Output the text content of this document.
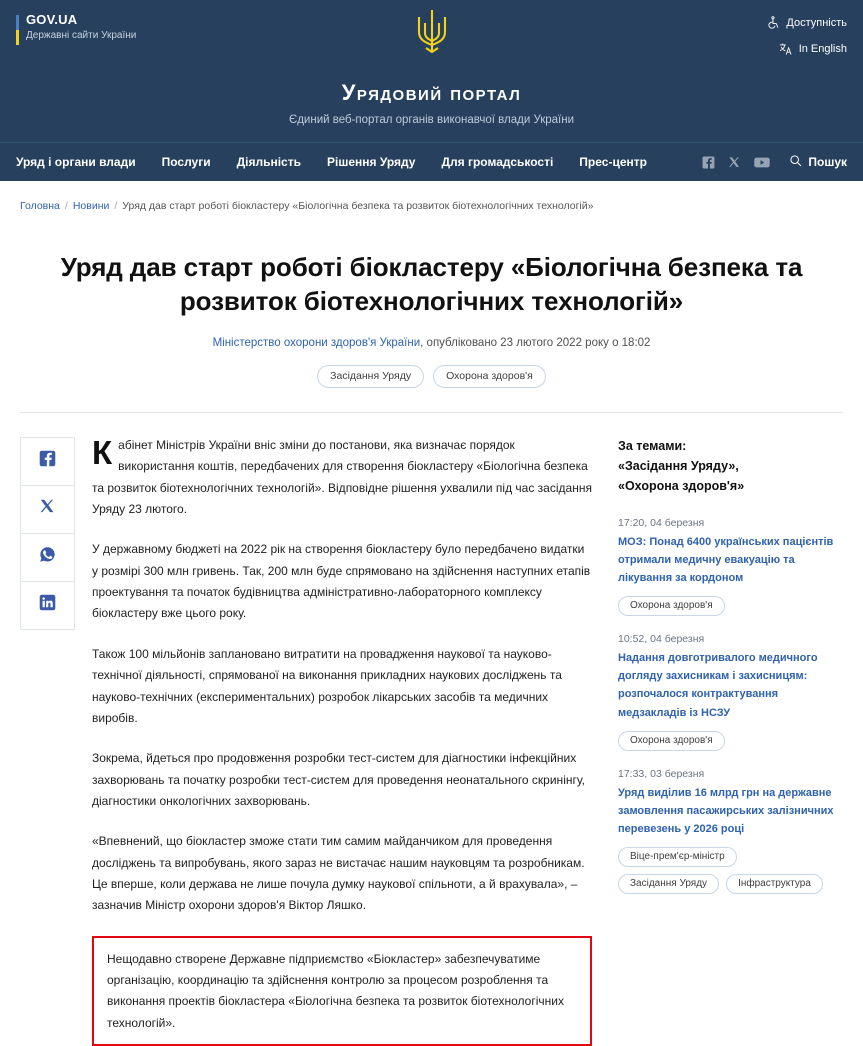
GOV.UA
Державні сайти України
Доступність
In English
Урядовий портал
Єдиний веб-портал органів виконавчої влади України
Уряд і органи влади Послуги Діяльність Рішення Уряду Для громадськості Прес-центр	Пошук
Головна / Новини / Уряд дав старт роботі біокластеру «Біологічна безпека та розвиток біотехнологічних технологій»
Уряд дав старт роботі біокластеру «Біологічна безпека та розвиток біотехнологічних технологій»
Міністерство охорони здоров'я України, опубліковано 23 лютого 2022 року о 18:02
Засідання Уряду	Охорона здоров'я

Кабінет Міністрів України вніс зміни до постанови, яка визначає порядок використання коштів, передбачених для створення біокластеру «Біологічна безпека та розвиток біотехнологічних технологій». Відповідне рішення ухвалили під час засідання Уряду 23 лютого.

У державному бюджеті на 2022 рік на створення біокластеру було передбачено видатки у розмірі 300 млн гривень. Так, 200 млн буде спрямовано на здійснення наступних етапів проектування та початок будівництва адміністративно-лабораторного комплексу біокластеру вже цього року.

Також 100 мільйонів заплановано витратити на провадження наукової та науково-технічної діяльності, спрямованої на виконання прикладних наукових досліджень та науково-технічних (експериментальних) розробок лікарських засобів та медичних виробів.

Зокрема, йдеться про продовження розробки тест-систем для діагностики інфекційних захворювань та початку розробки тест-систем для проведення неонатального скринінгу, діагностики онкологічних захворювань.

«Впевнений, що біокластер зможе стати тим самим майданчиком для проведення досліджень та випробувань, якого зараз не вистачає нашим науковцям та розробникам. Це вперше, коли держава не лише почула думку наукової спільноти, а й врахувала», – зазначив Міністр охорони здоров'я Віктор Ляшко.

Нещодавно створене Державне підприємство «Біокластер» забезпечуватиме організацію, координацію та здійснення контролю за процесом розроблення та виконання проектів біокластера «Біологічна безпека та розвиток біотехнологічних технологій».

За темами:
«Засідання Уряду»,
«Охорона здоров'я»
17:20, 04 березня
МОЗ: Понад 6400 українських пацієнтів отримали медичну евакуацію та лікування за кордоном
Охорона здоров'я
10:52, 04 березня
Надання довготривалого медичного догляду захисникам і захисницям: розпочалося контрактування медзакладів із НСЗУ
Охорона здоров'я
17:33, 03 березня
Уряд виділив 16 млрд грн на державне замовлення пасажирських залізничних перевезень у 2026 році
Віце-прем'єр-міністр
Засідання Уряду	Інфраструктура
